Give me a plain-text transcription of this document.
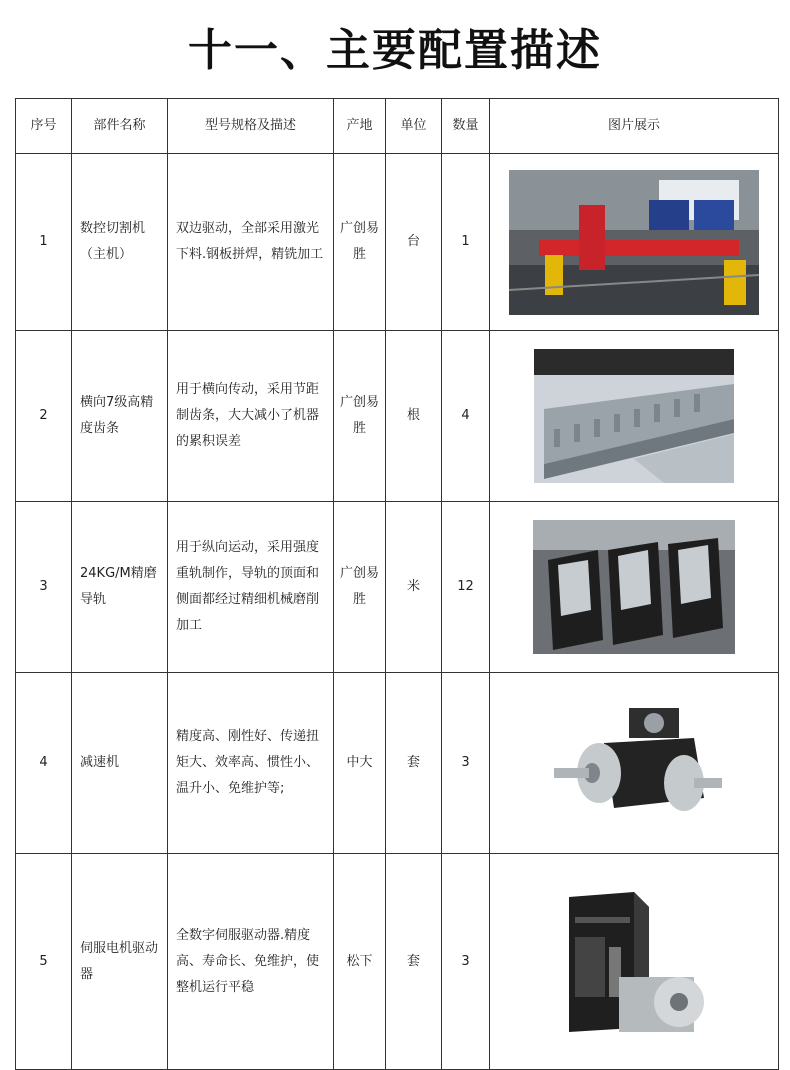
十一、主要配置描述
序号	部件名称	型号规格及描述	产地	单位	数量	图片展示
1	数控切割机（主机）	双边驱动，全部采用激光下料.钢板拼焊，精铣加工	广创易胜	台	1	

2	横向7级高精度齿条	用于横向传动，采用节距制齿条，大大减小了机器的累积误差	广创易胜	根	4	

3	24KG/M精磨导轨	用于纵向运动，采用强度重轨制作，导轨的顶面和侧面都经过精细机械磨削加工	广创易胜	米	12	

4	减速机	精度高、刚性好、传递扭矩大、效率高、惯性小、温升小、免维护等;	中大	套	3	

5	伺服电机驱动器	全数字伺服驱动器.精度高、寿命长、免维护，使整机运行平稳	松下	套	3	
